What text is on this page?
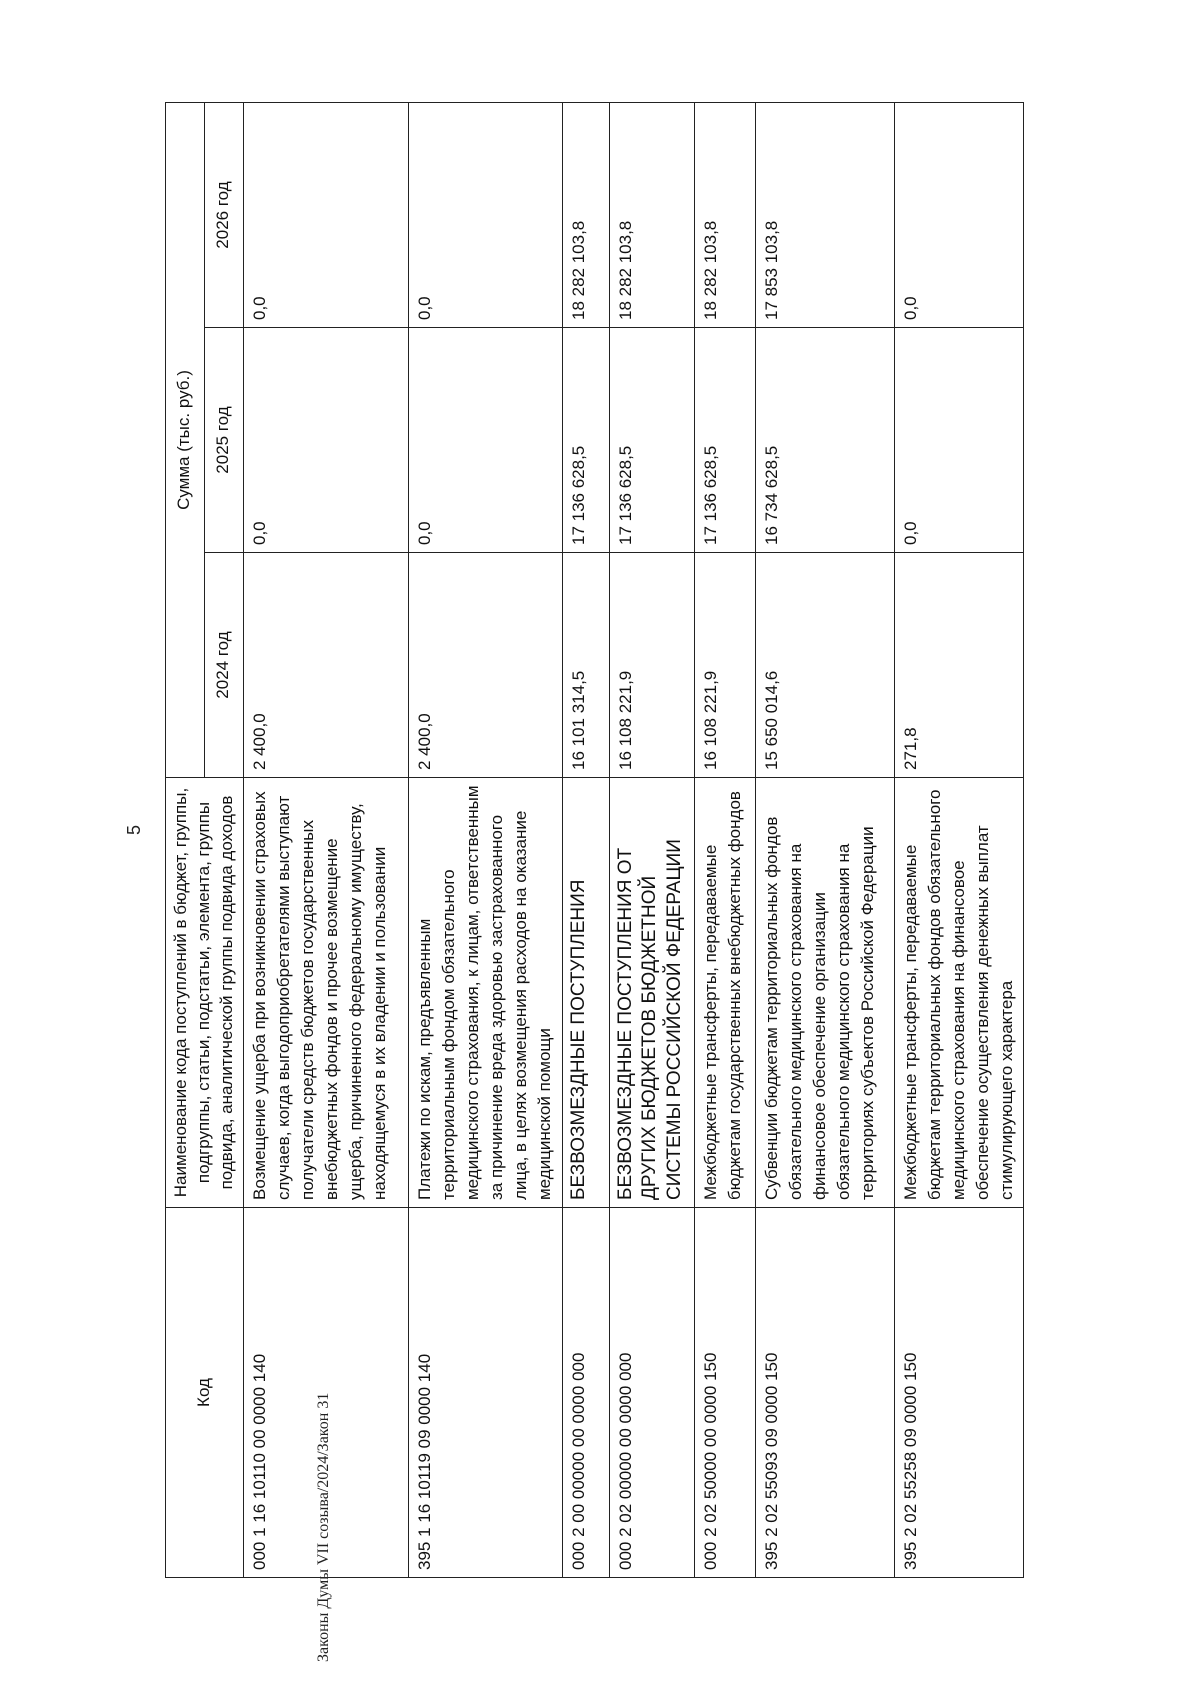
5
Законы Думы VII созыва/2024/Закон 31
Код	Наименование кода поступлений в бюджет, группы, подгруппы, статьи, подстатьи, элемента, группы подвида, аналитической группы подвида доходов	Сумма (тыс. руб.)		
		2024 год	2025 год	2026 год
000 1 16 10110 00 0000 140	Возмещение ущерба при возникновении страховых случаев, когда выгодоприобретателями выступают получатели средств бюджетов государственных внебюджетных фондов и прочее возмещение ущерба, причиненного федеральному имуществу, находящемуся в их владении и пользовании	2 400,0	0,0	0,0
395 1 16 10119 09 0000 140	Платежи по искам, предъявленным территориальным фондом обязательного медицинского страхования, к лицам, ответственным за причинение вреда здоровью застрахованного лица, в целях возмещения расходов на оказание медицинской помощи	2 400,0	0,0	0,0
000 2 00 00000 00 0000 000	БЕЗВОЗМЕЗДНЫЕ ПОСТУПЛЕНИЯ	16 101 314,5	17 136 628,5	18 282 103,8
000 2 02 00000 00 0000 000	БЕЗВОЗМЕЗДНЫЕ ПОСТУПЛЕНИЯ ОТ ДРУГИХ БЮДЖЕТОВ БЮДЖЕТНОЙ СИСТЕМЫ РОССИЙСКОЙ ФЕДЕРАЦИИ	16 108 221,9	17 136 628,5	18 282 103,8
000 2 02 50000 00 0000 150	Межбюджетные трансферты, передаваемые бюджетам государственных внебюджетных фондов	16 108 221,9	17 136 628,5	18 282 103,8
395 2 02 55093 09 0000 150	Субвенции бюджетам территориальных фондов обязательного медицинского страхования на финансовое обеспечение организации обязательного медицинского страхования на территориях субъектов Российской Федерации	15 650 014,6	16 734 628,5	17 853 103,8
395 2 02 55258 09 0000 150	Межбюджетные трансферты, передаваемые бюджетам территориальных фондов обязательного медицинского страхования на финансовое обеспечение осуществления денежных выплат стимулирующего характера	271,8	0,0	0,0
